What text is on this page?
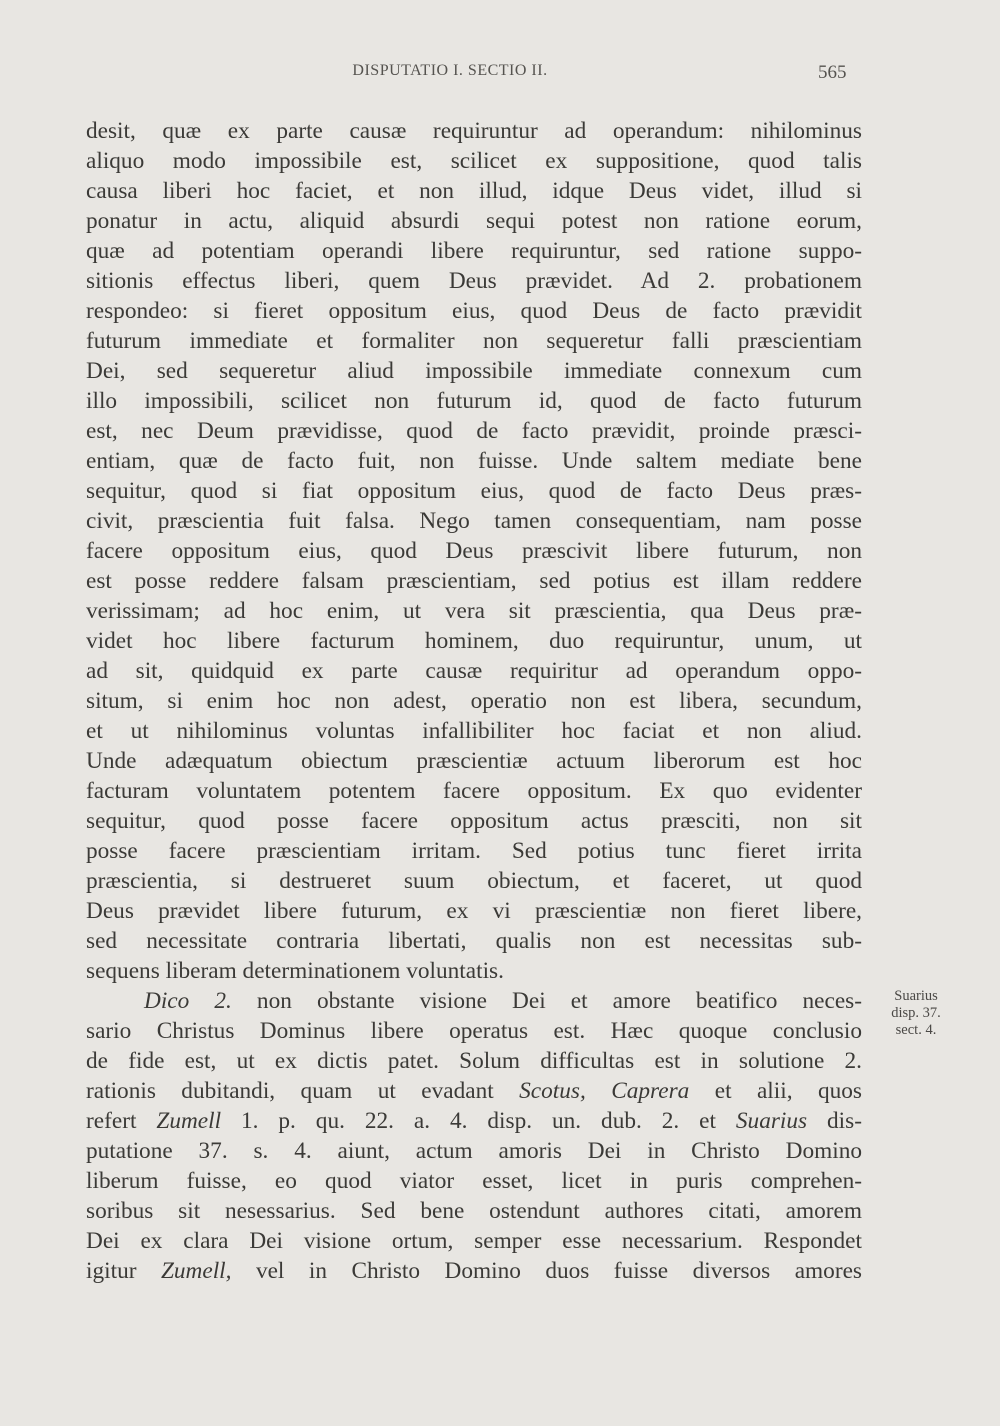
DISPUTATIO I. SECTIO II.	565
desit, quæ ex parte causæ requiruntur ad operandum: nihilominus
aliquo modo impossibile est, scilicet ex suppositione, quod talis
causa liberi hoc faciet, et non illud, idque Deus videt, illud si
ponatur in actu, aliquid absurdi sequi potest non ratione eorum,
quæ ad potentiam operandi libere requiruntur, sed ratione suppo-
sitionis effectus liberi, quem Deus prævidet. Ad 2. probationem
respondeo: si fieret oppositum eius, quod Deus de facto prævidit
futurum immediate et formaliter non sequeretur falli præscientiam
Dei, sed sequeretur aliud impossibile immediate connexum cum
illo impossibili, scilicet non futurum id, quod de facto futurum
est, nec Deum prævidisse, quod de facto prævidit, proinde præsci-
entiam, quæ de facto fuit, non fuisse. Unde saltem mediate bene
sequitur, quod si fiat oppositum eius, quod de facto Deus præs-
civit, præscientia fuit falsa. Nego tamen consequentiam, nam posse
facere oppositum eius, quod Deus præscivit libere futurum, non
est posse reddere falsam præscientiam, sed potius est illam reddere
verissimam; ad hoc enim, ut vera sit præscientia, qua Deus præ-
videt hoc libere facturum hominem, duo requiruntur, unum, ut
ad sit, quidquid ex parte causæ requiritur ad operandum oppo-
situm, si enim hoc non adest, operatio non est libera, secundum,
et ut nihilominus voluntas infallibiliter hoc faciat et non aliud.
Unde adæquatum obiectum præscientiæ actuum liberorum est hoc
facturam voluntatem potentem facere oppositum. Ex quo evidenter
sequitur, quod posse facere oppositum actus præsciti, non sit
posse facere præscientiam irritam. Sed potius tunc fieret irrita
præscientia, si destrueret suum obiectum, et faceret, ut quod
Deus prævidet libere futurum, ex vi præscientiæ non fieret libere,
sed necessitate contraria libertati, qualis non est necessitas sub-
sequens liberam determinationem voluntatis.
Dico 2. non obstante visione Dei et amore beatifico neces-
sario Christus Dominus libere operatus est. Hæc quoque conclusio
de fide est, ut ex dictis patet. Solum difficultas est in solutione 2.
rationis dubitandi, quam ut evadant Scotus, Caprera et alii, quos
refert Zumell 1. p. qu. 22. a. 4. disp. un. dub. 2. et Suarius dis-
putatione 37. s. 4. aiunt, actum amoris Dei in Christo Domino
liberum fuisse, eo quod viator esset, licet in puris comprehen-
soribus sit nesessarius. Sed bene ostendunt authores citati, amorem
Dei ex clara Dei visione ortum, semper esse necessarium. Respondet
igitur Zumell, vel in Christo Domino duos fuisse diversos amores
Suarius
disp. 37.
sect. 4.
